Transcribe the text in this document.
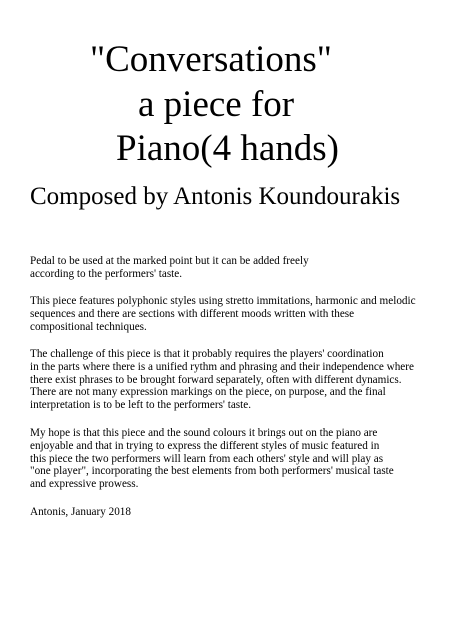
"Conversations"
a piece for
Piano(4 hands)
Composed by Antonis Koundourakis
Pedal to be used at the marked point but it can be added freely
according to the performers' taste.
This piece features polyphonic styles using stretto immitations, harmonic and melodic
sequences and there are sections with different moods written with these
compositional techniques.
The challenge of this piece is that it probably requires the players' coordination
in the parts where there is a unified rythm and phrasing and their independence where
there exist phrases to be brought forward separately, often with different dynamics.
There are not many expression markings on the piece, on purpose, and the final
interpretation is to be left to the performers' taste.
My hope is that this piece and the sound colours it brings out on the piano are
enjoyable and that in trying to express the different styles of music featured in
this piece the two performers will learn from each others' style and will play as
"one player", incorporating the best elements from both performers' musical taste
and expressive prowess.
Antonis, January 2018
